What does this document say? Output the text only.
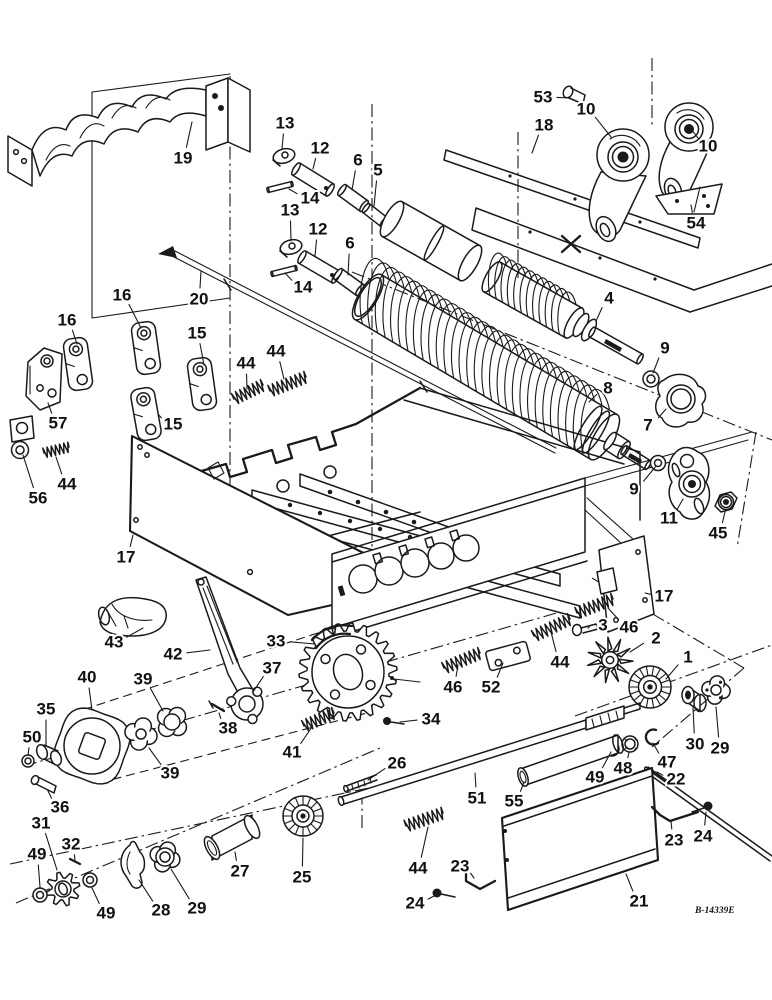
53
10
10
18
54
19
13
12
6
5
14
13
12
6
14
20
16
16
15
44
44
57	15
56
44
17
4
9
8
7
9
11
45
43
42
33
37
40 39
35
50	38
39
41
36
31
32
49
49 28 29
27	25
26
51 55
49 48 47
22
30 29
1
2
3 46
17
44
46 52
34
44 23
24
23 24
21
B-14339E
